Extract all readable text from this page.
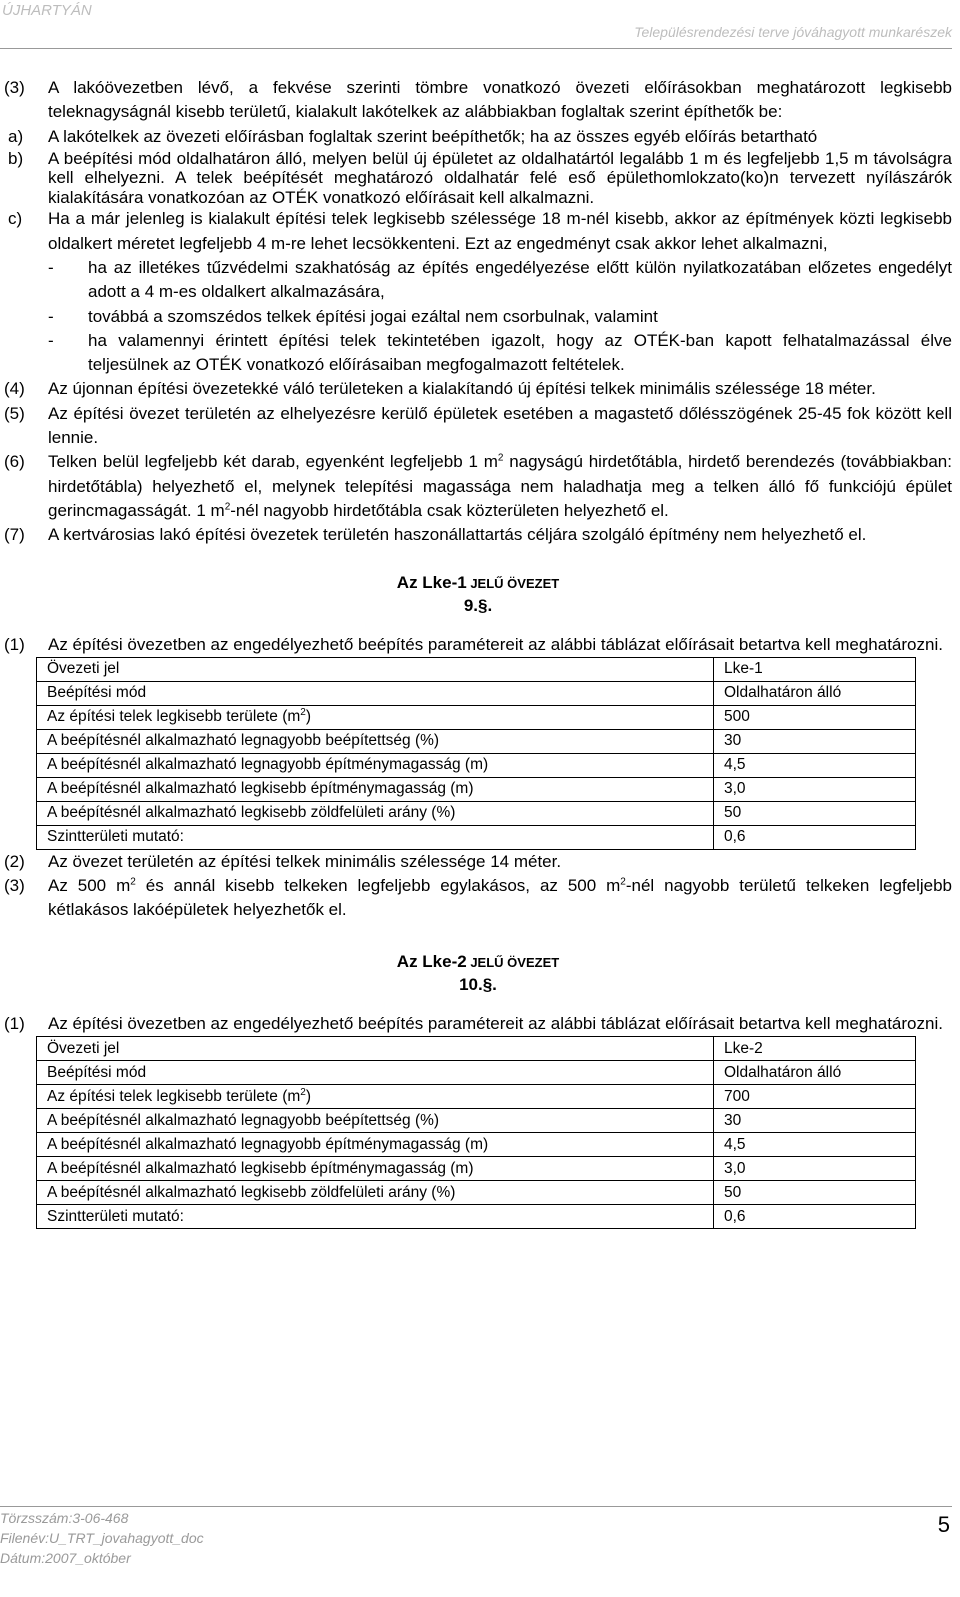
ÚJHARTYÁN
Településrendezési terve jóváhagyott munkarészek
(3) A lakóövezetben lévő, a fekvése szerinti tömbre vonatkozó övezeti előírásokban meghatározott legkisebb teleknagyságnál kisebb területű, kialakult lakótelkek az alábbiakban foglaltak szerint építhetők be:
a) A lakótelkek az övezeti előírásban foglaltak szerint beépíthetők; ha az összes egyéb előírás betartható
b) A beépítési mód oldalhatáron álló, melyen belül új épületet az oldalhatártól legalább 1 m és legfeljebb 1,5 m távolságra kell elhelyezni. A telek beépítését meghatározó oldalhatár felé eső épülethomlokzato(ko)n tervezett nyílászárók kialakítására vonatkozóan az OTÉK vonatkozó előírásait kell alkalmazni.
c) Ha a már jelenleg is kialakult építési telek legkisebb szélessége 18 m-nél kisebb, akkor az építmények közti legkisebb oldalkert méretet legfeljebb 4 m-re lehet lecsökkenteni. Ezt az engedményt csak akkor lehet alkalmazni,
- ha az illetékes tűzvédelmi szakhatóság az építés engedélyezése előtt külön nyilatkozatában előzetes engedélyt adott a 4 m-es oldalkert alkalmazására,
- továbbá a szomszédos telkek építési jogai ezáltal nem csorbulnak, valamint
- ha valamennyi érintett építési telek tekintetében igazolt, hogy az OTÉK-ban kapott felhatalmazással élve teljesülnek az OTÉK vonatkozó előírásaiban megfogalmazott feltételek.
(4) Az újonnan építési övezetekké váló területeken a kialakítandó új építési telkek minimális szélessége 18 méter.
(5) Az építési övezet területén az elhelyezésre kerülő épületek esetében a magastető dőlésszögének 25-45 fok között kell lennie.
(6) Telken belül legfeljebb két darab, egyenként legfeljebb 1 $m^2$ nagyságú hirdetőtábla, hirdető berendezés (továbbiakban: hirdetőtábla) helyezhető el, melynek telepítési magassága nem haladhatja meg a telken álló fő funkciójú épület gerincmagasságát. 1 $m^2$-nél nagyobb hirdetőtábla csak közterületen helyezhető el.
(7) A kertvárosias lakó építési övezetek területén haszonállattartás céljára szolgáló építmény nem helyezhető el.
Az Lke-1 JELŰ ÖVEZET
9.§.
(1) Az építési övezetben az engedélyezhető beépítés paramétereit az alábbi táblázat előírásait betartva kell meghatározni.
Övezeti jel	Lke-1
Beépítési mód	Oldalhatáron álló
Az építési telek legkisebb területe $(m^2)$	500
A beépítésnél alkalmazható legnagyobb beépítettség (%)	30
A beépítésnél alkalmazható legnagyobb építménymagasság (m)	4,5
A beépítésnél alkalmazható legkisebb építménymagasság (m)	3,0
A beépítésnél alkalmazható legkisebb zöldfelületi arány (%)	50
Szintterületi mutató:	0,6
(2) Az övezet területén az építési telkek minimális szélessége 14 méter.
(3) Az 500 $m^2$ és annál kisebb telkeken legfeljebb egylakásos, az 500 $m^2$-nél nagyobb területű telkeken legfeljebb kétlakásos lakóépületek helyezhetők el.
Az Lke-2 JELŰ ÖVEZET
10.§.
(1) Az építési övezetben az engedélyezhető beépítés paramétereit az alábbi táblázat előírásait betartva kell meghatározni.
Övezeti jel	Lke-2
Beépítési mód	Oldalhatáron álló
Az építési telek legkisebb területe $(m^2)$	700
A beépítésnél alkalmazható legnagyobb beépítettség (%)	30
A beépítésnél alkalmazható legnagyobb építménymagasság (m)	4,5
A beépítésnél alkalmazható legkisebb építménymagasság (m)	3,0
A beépítésnél alkalmazható legkisebb zöldfelületi arány (%)	50
Szintterületi mutató:	0,6
Törzsszám:3-06-468
Filenév:U_TRT_jovahagyott_doc
Dátum:2007_október
5
